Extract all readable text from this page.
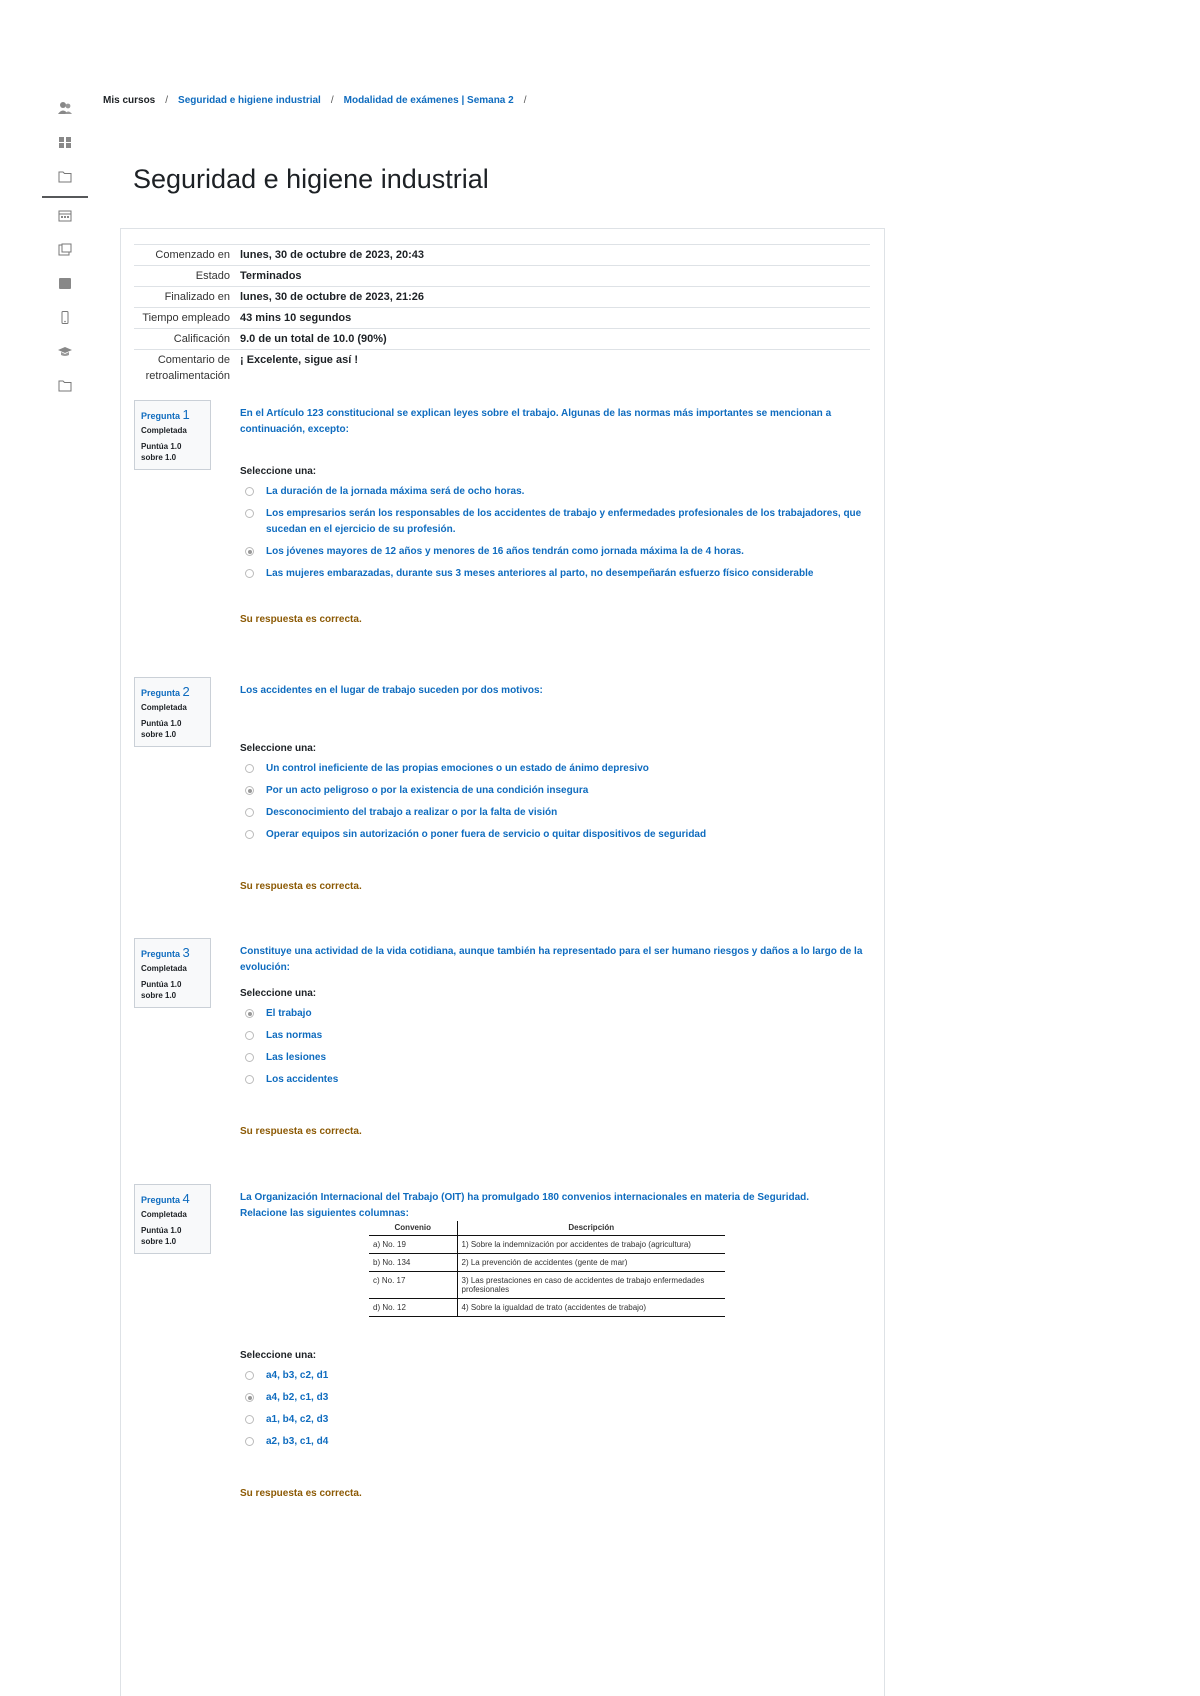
Mis cursos / Seguridad e higiene industrial / Modalidad de exámenes | Semana 2 /
Seguridad e higiene industrial
Comenzado en lunes, 30 de octubre de 2023, 20:43
Estado Terminados
Finalizado en lunes, 30 de octubre de 2023, 21:26
Tiempo empleado 43 mins 10 segundos
Calificación 9.0 de un total de 10.0 (90%)
Comentario de retroalimentación
¡ Excelente, sigue así !
Pregunta 1
Completada
Puntúa 1.0 sobre 1.0
En el Artículo 123 constitucional se explican leyes sobre el trabajo. Algunas de las normas más importantes se mencionan a continuación, excepto:
Seleccione una:
La duración de la jornada máxima será de ocho horas.
Los empresarios serán los responsables de los accidentes de trabajo y enfermedades profesionales de los trabajadores, que sucedan en el ejercicio de su profesión.
Los jóvenes mayores de 12 años y menores de 16 años tendrán como jornada máxima la de 4 horas.
Las mujeres embarazadas, durante sus 3 meses anteriores al parto, no desempeñarán esfuerzo físico considerable
Su respuesta es correcta.
Pregunta 2
Completada
Puntúa 1.0 sobre 1.0
Los accidentes en el lugar de trabajo suceden por dos motivos:
Seleccione una:
Un control ineficiente de las propias emociones o un estado de ánimo depresivo
Por un acto peligroso o por la existencia de una condición insegura
Desconocimiento del trabajo a realizar o por la falta de visión
Operar equipos sin autorización o poner fuera de servicio o quitar dispositivos de seguridad
Su respuesta es correcta.
Pregunta 3
Completada
Puntúa 1.0 sobre 1.0
Constituye una actividad de la vida cotidiana, aunque también ha representado para el ser humano riesgos y daños a lo largo de la evolución:
Seleccione una:
El trabajo
Las normas
Las lesiones
Los accidentes
Su respuesta es correcta.
Pregunta 4
Completada
Puntúa 1.0 sobre 1.0
La Organización Internacional del Trabajo (OIT) ha promulgado 180 convenios internacionales en materia de Seguridad. Relacione las siguientes columnas:
Convenio	Descripción
a) No. 19	1) Sobre la indemnización por accidentes de trabajo (agricultura)
b) No. 134	2) La prevención de accidentes (gente de mar)
c) No. 17	3) Las prestaciones en caso de accidentes de trabajo enfermedades profesionales
d) No. 12	4) Sobre la igualdad de trato (accidentes de trabajo)
Seleccione una:
a4, b3, c2, d1
a4, b2, c1, d3
a1, b4, c2, d3
a2, b3, c1, d4
Su respuesta es correcta.
